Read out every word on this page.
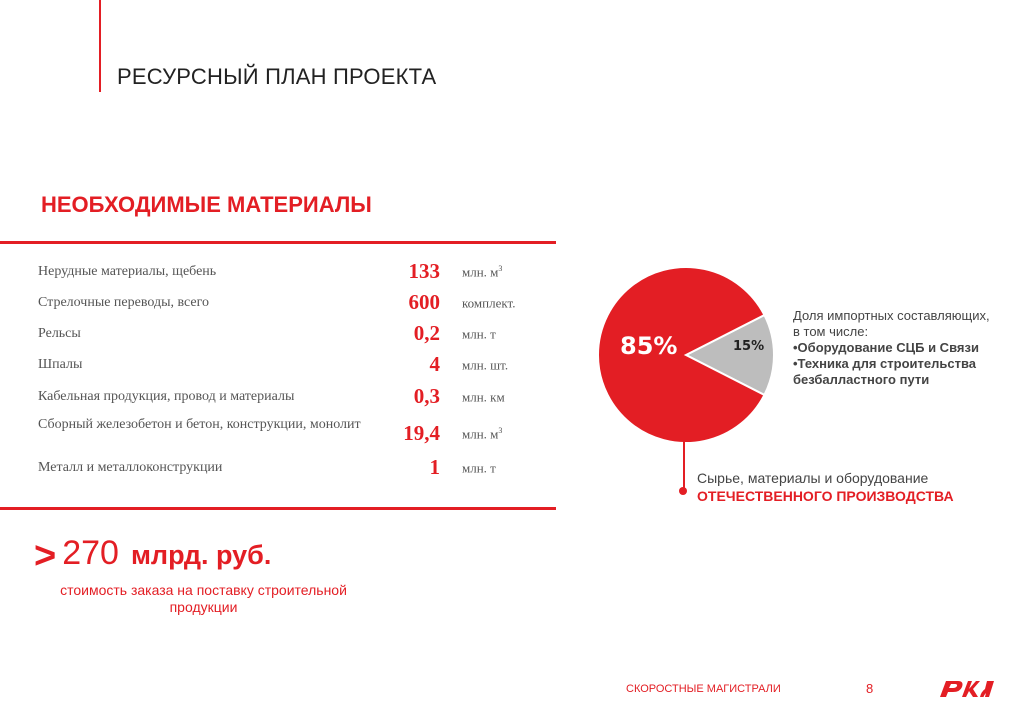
РЕСУРСНЫЙ ПЛАН ПРОЕКТА
НЕОБХОДИМЫЕ МАТЕРИАЛЫ
Нерудные материалы, щебень	133 млн. $м^3$
Стрелочные переводы, всего	600 комплект.
Рельсы	0,2 млн. т
Шпалы	4 млн. шт.
Кабельная продукция, провод и материалы	0,3 млн. км
Сборный железобетон и бетон, конструкции, монолит	19,4 млн. $м^3$
Металл и металлоконструкции	1 млн. т
> 270 млрд. руб.
стоимость заказа на поставку строительной продукции
85%	15%
Доля импортных составляющих,
в том числе:
•Оборудование СЦБ и Связи
•Техника для строительства безбалластного пути
Сырье, материалы и оборудование
ОТЕЧЕСТВЕННОГО ПРОИЗВОДСТВА
СКОРОСТНЫЕ МАГИСТРАЛИ	8
